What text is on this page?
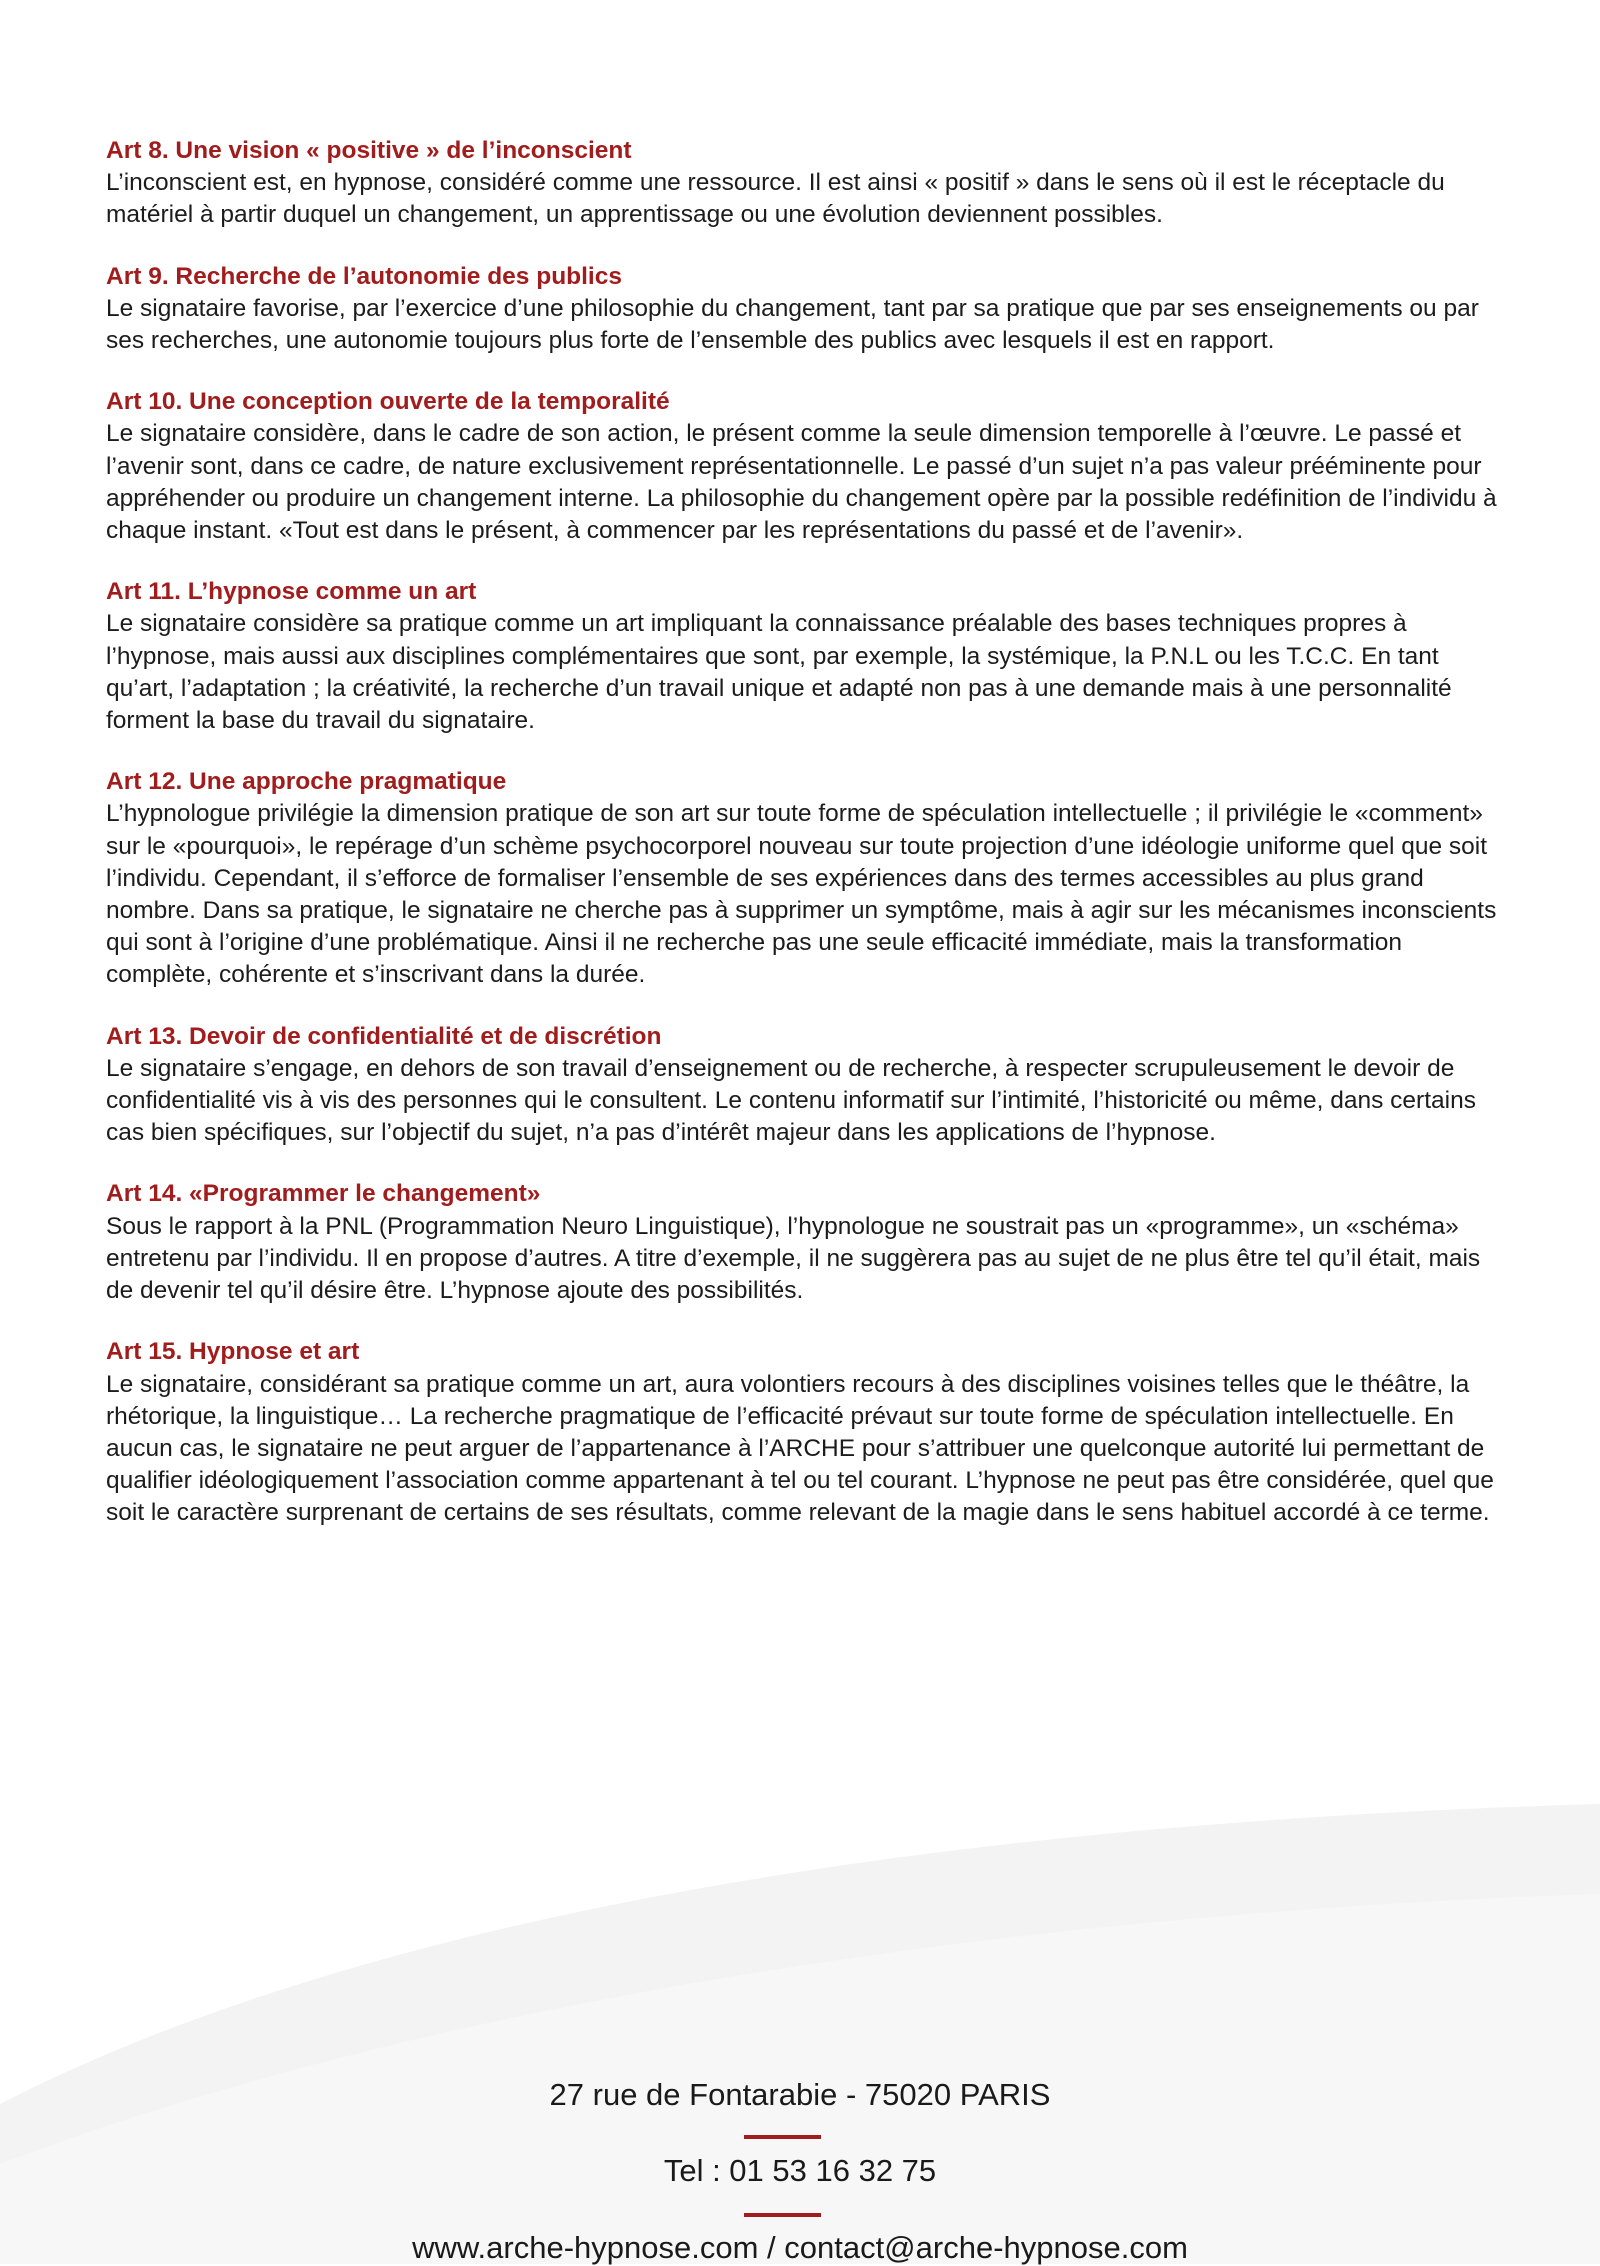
Art 8. Une vision « positive » de l’inconscient

L’inconscient est, en hypnose, considéré comme une ressource. Il est ainsi « positif » dans le sens où il est le réceptacle du matériel à partir duquel un changement, un apprentissage ou une évolution deviennent possibles.

Art 9. Recherche de l’autonomie des publics

Le signataire favorise, par l’exercice d’une philosophie du changement, tant par sa pratique que par ses enseignements ou par ses recherches, une autonomie toujours plus forte de l’ensemble des publics avec lesquels il est en rapport.

Art 10. Une conception ouverte de la temporalité

Le signataire considère, dans le cadre de son action, le présent comme la seule dimension temporelle à l’œuvre. Le passé et l’avenir sont, dans ce cadre, de nature exclusivement représentationnelle. Le passé d’un sujet n’a pas valeur prééminente pour appréhender ou produire un changement interne. La philosophie du changement opère par la possible redéfinition de l’individu à chaque instant. «Tout est dans le présent, à commencer par les représentations du passé et de l’avenir».

Art 11. L’hypnose comme un art

Le signataire considère sa pratique comme un art impliquant la connaissance préalable des bases techniques propres à l’hypnose, mais aussi aux disciplines complémentaires que sont, par exemple, la systémique, la P.N.L ou les T.C.C. En tant qu’art, l’adaptation ; la créativité, la recherche d’un travail unique et adapté non pas à une demande mais à une personnalité forment la base du travail du signataire.

Art 12. Une approche pragmatique

L’hypnologue privilégie la dimension pratique de son art sur toute forme de spéculation intellectuelle ; il privilégie le «comment» sur le «pourquoi», le repérage d’un schème psychocorporel nouveau sur toute projection d’une idéologie uniforme quel que soit l’individu. Cependant, il s’efforce de formaliser l’ensemble de ses expériences dans des termes accessibles au plus grand nombre. Dans sa pratique, le signataire ne cherche pas à supprimer un symptôme, mais à agir sur les mécanismes inconscients qui sont à l’origine d’une problématique. Ainsi il ne recherche pas une seule efficacité immédiate, mais la transformation complète, cohérente et s’inscrivant dans la durée.

Art 13. Devoir de confidentialité et de discrétion

Le signataire s’engage, en dehors de son travail d’enseignement ou de recherche, à respecter scrupuleusement le devoir de confidentialité vis à vis des personnes qui le consultent. Le contenu informatif sur l’intimité, l’historicité ou même, dans certains cas bien spécifiques, sur l’objectif du sujet, n’a pas d’intérêt majeur dans les applications de l’hypnose.

Art 14. «Programmer le changement»

Sous le rapport à la PNL (Programmation Neuro Linguistique), l’hypnologue ne soustrait pas un «programme», un «schéma» entretenu par l’individu. Il en propose d’autres. A titre d’exemple, il ne suggèrera pas au sujet de ne plus être tel qu’il était, mais de devenir tel qu’il désire être. L’hypnose ajoute des possibilités.

Art 15. Hypnose et art

Le signataire, considérant sa pratique comme un art, aura volontiers recours à des disciplines voisines telles que le théâtre, la rhétorique, la linguistique… La recherche pragmatique de l’efficacité prévaut sur toute forme de spéculation intellectuelle. En aucun cas, le signataire ne peut arguer de l’appartenance à l’ARCHE pour s’attribuer une quelconque autorité lui permettant de qualifier idéologiquement l’association comme appartenant à tel ou tel courant. L’hypnose ne peut pas être considérée, quel que soit le caractère surprenant de certains de ses résultats, comme relevant de la magie dans le sens habituel accordé à ce terme.

27 rue de Fontarabie - 75020 PARIS
Tel : 01 53 16 32 75
www.arche-hypnose.com / contact@arche-hypnose.com
